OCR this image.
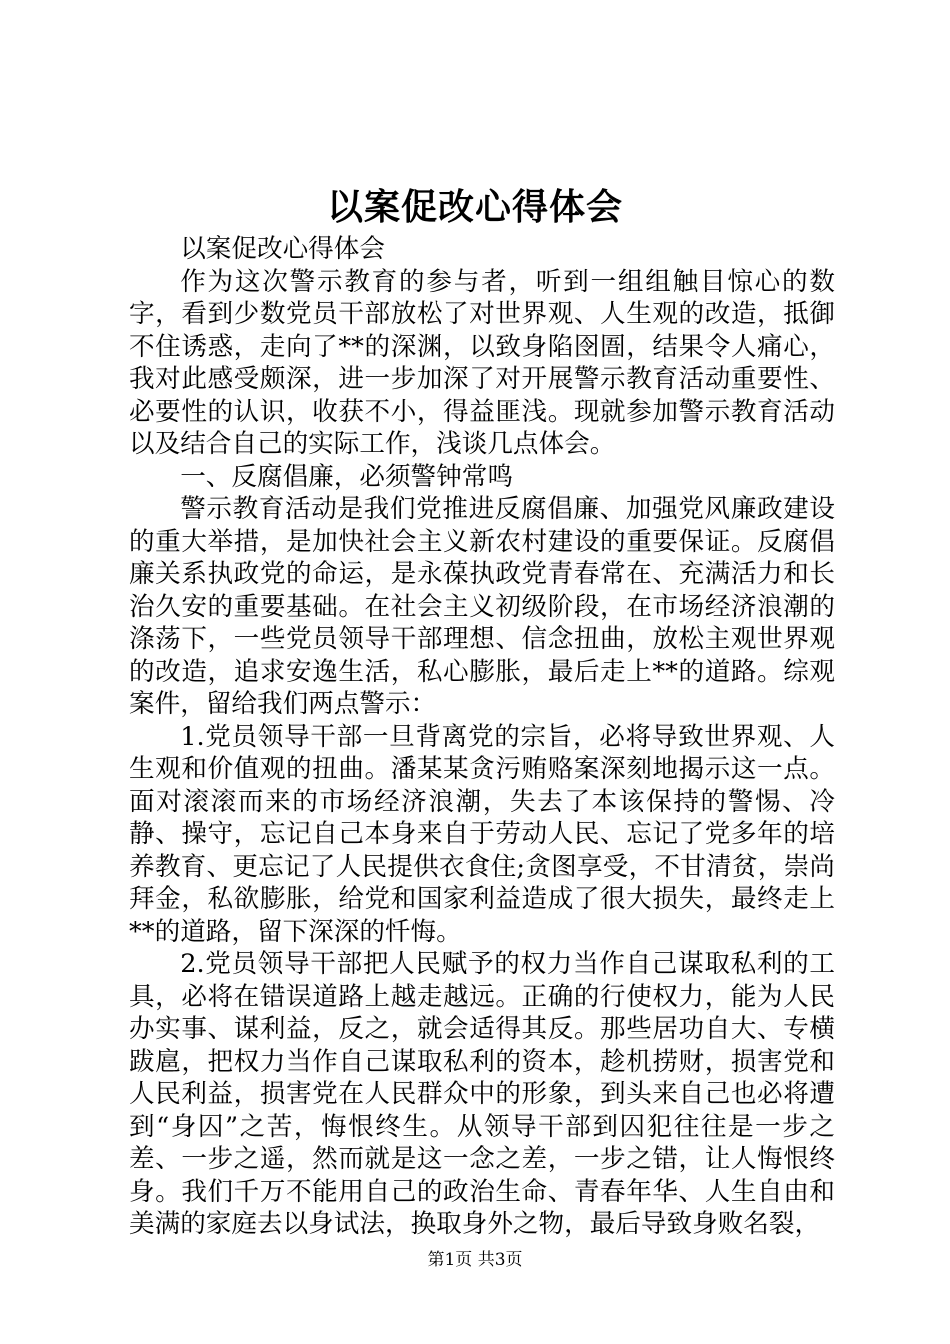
以案促改心得体会

以案促改心得体会

作为这次警示教育的参与者，听到一组组触目惊心的数字，看到少数党员干部放松了对世界观、人生观的改造，抵御不住诱惑，走向了**的深渊，以致身陷囹圄，结果令人痛心，我对此感受颇深，进一步加深了对开展警示教育活动重要性、必要性的认识，收获不小，得益匪浅。现就参加警示教育活动以及结合自己的实际工作，浅谈几点体会。

一、反腐倡廉，必须警钟常鸣

警示教育活动是我们党推进反腐倡廉、加强党风廉政建设的重大举措，是加快社会主义新农村建设的重要保证。反腐倡廉关系执政党的命运，是永葆执政党青春常在、充满活力和长治久安的重要基础。在社会主义初级阶段，在市场经济浪潮的涤荡下，一些党员领导干部理想、信念扭曲，放松主观世界观的改造，追求安逸生活，私心膨胀，最后走上**的道路。综观案件，留给我们两点警示：

1.党员领导干部一旦背离党的宗旨，必将导致世界观、人生观和价值观的扭曲。潘某某贪污贿赂案深刻地揭示这一点。面对滚滚而来的市场经济浪潮，失去了本该保持的警惕、冷静、操守，忘记自己本身来自于劳动人民、忘记了党多年的培养教育、更忘记了人民提供衣食住;贪图享受，不甘清贫，崇尚拜金，私欲膨胀，给党和国家利益造成了很大损失，最终走上**的道路，留下深深的忏悔。

2.党员领导干部把人民赋予的权力当作自己谋取私利的工具，必将在错误道路上越走越远。正确的行使权力，能为人民办实事、谋利益，反之，就会适得其反。那些居功自大、专横跋扈，把权力当作自己谋取私利的资本，趁机捞财，损害党和人民利益，损害党在人民群众中的形象，到头来自己也必将遭到“身囚”之苦，悔恨终生。从领导干部到囚犯往往是一步之差、一步之遥，然而就是这一念之差，一步之错，让人悔恨终身。我们千万不能用自己的政治生命、青春年华、人生自由和美满的家庭去以身试法，换取身外之物，最后导致身败名裂，

第1页 共3页
